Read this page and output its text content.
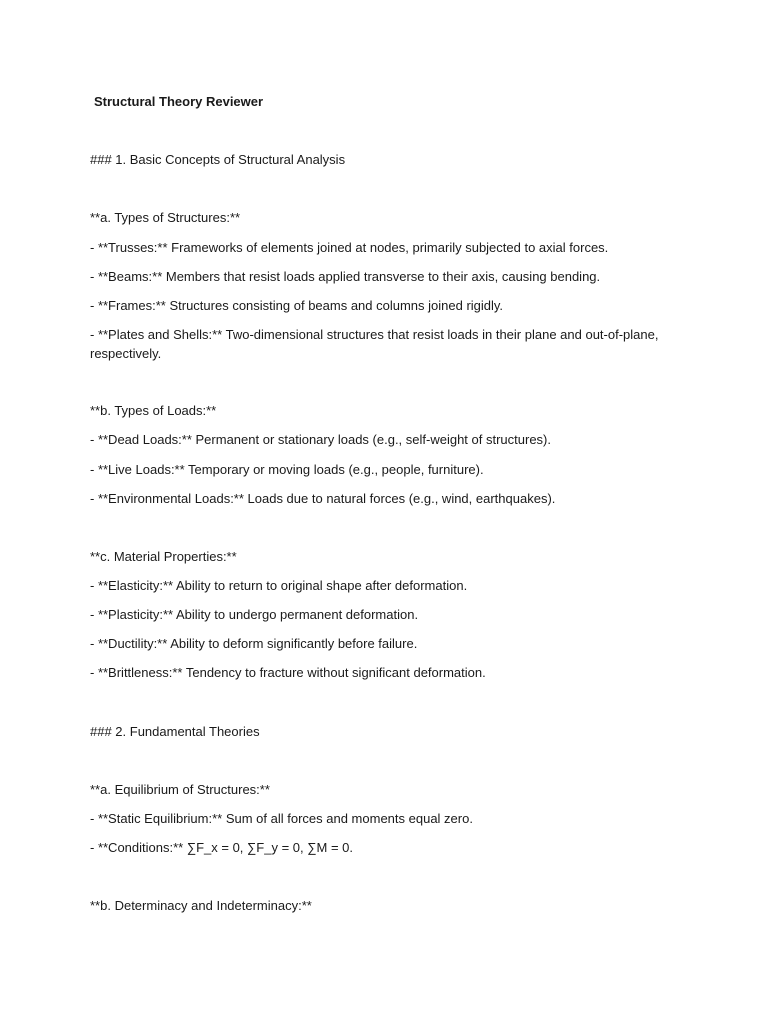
Structural Theory Reviewer
### 1. Basic Concepts of Structural Analysis
**a. Types of Structures:**
- **Trusses:** Frameworks of elements joined at nodes, primarily subjected to axial forces.
- **Beams:** Members that resist loads applied transverse to their axis, causing bending.
- **Frames:** Structures consisting of beams and columns joined rigidly.
- **Plates and Shells:** Two-dimensional structures that resist loads in their plane and out-of-plane, respectively.
**b. Types of Loads:**
- **Dead Loads:** Permanent or stationary loads (e.g., self-weight of structures).
- **Live Loads:** Temporary or moving loads (e.g., people, furniture).
- **Environmental Loads:** Loads due to natural forces (e.g., wind, earthquakes).
**c. Material Properties:**
- **Elasticity:** Ability to return to original shape after deformation.
- **Plasticity:** Ability to undergo permanent deformation.
- **Ductility:** Ability to deform significantly before failure.
- **Brittleness:** Tendency to fracture without significant deformation.
### 2. Fundamental Theories
**a. Equilibrium of Structures:**
- **Static Equilibrium:** Sum of all forces and moments equal zero.
- **Conditions:** ∑F_x = 0, ∑F_y = 0, ∑M = 0.
**b. Determinacy and Indeterminacy:**
